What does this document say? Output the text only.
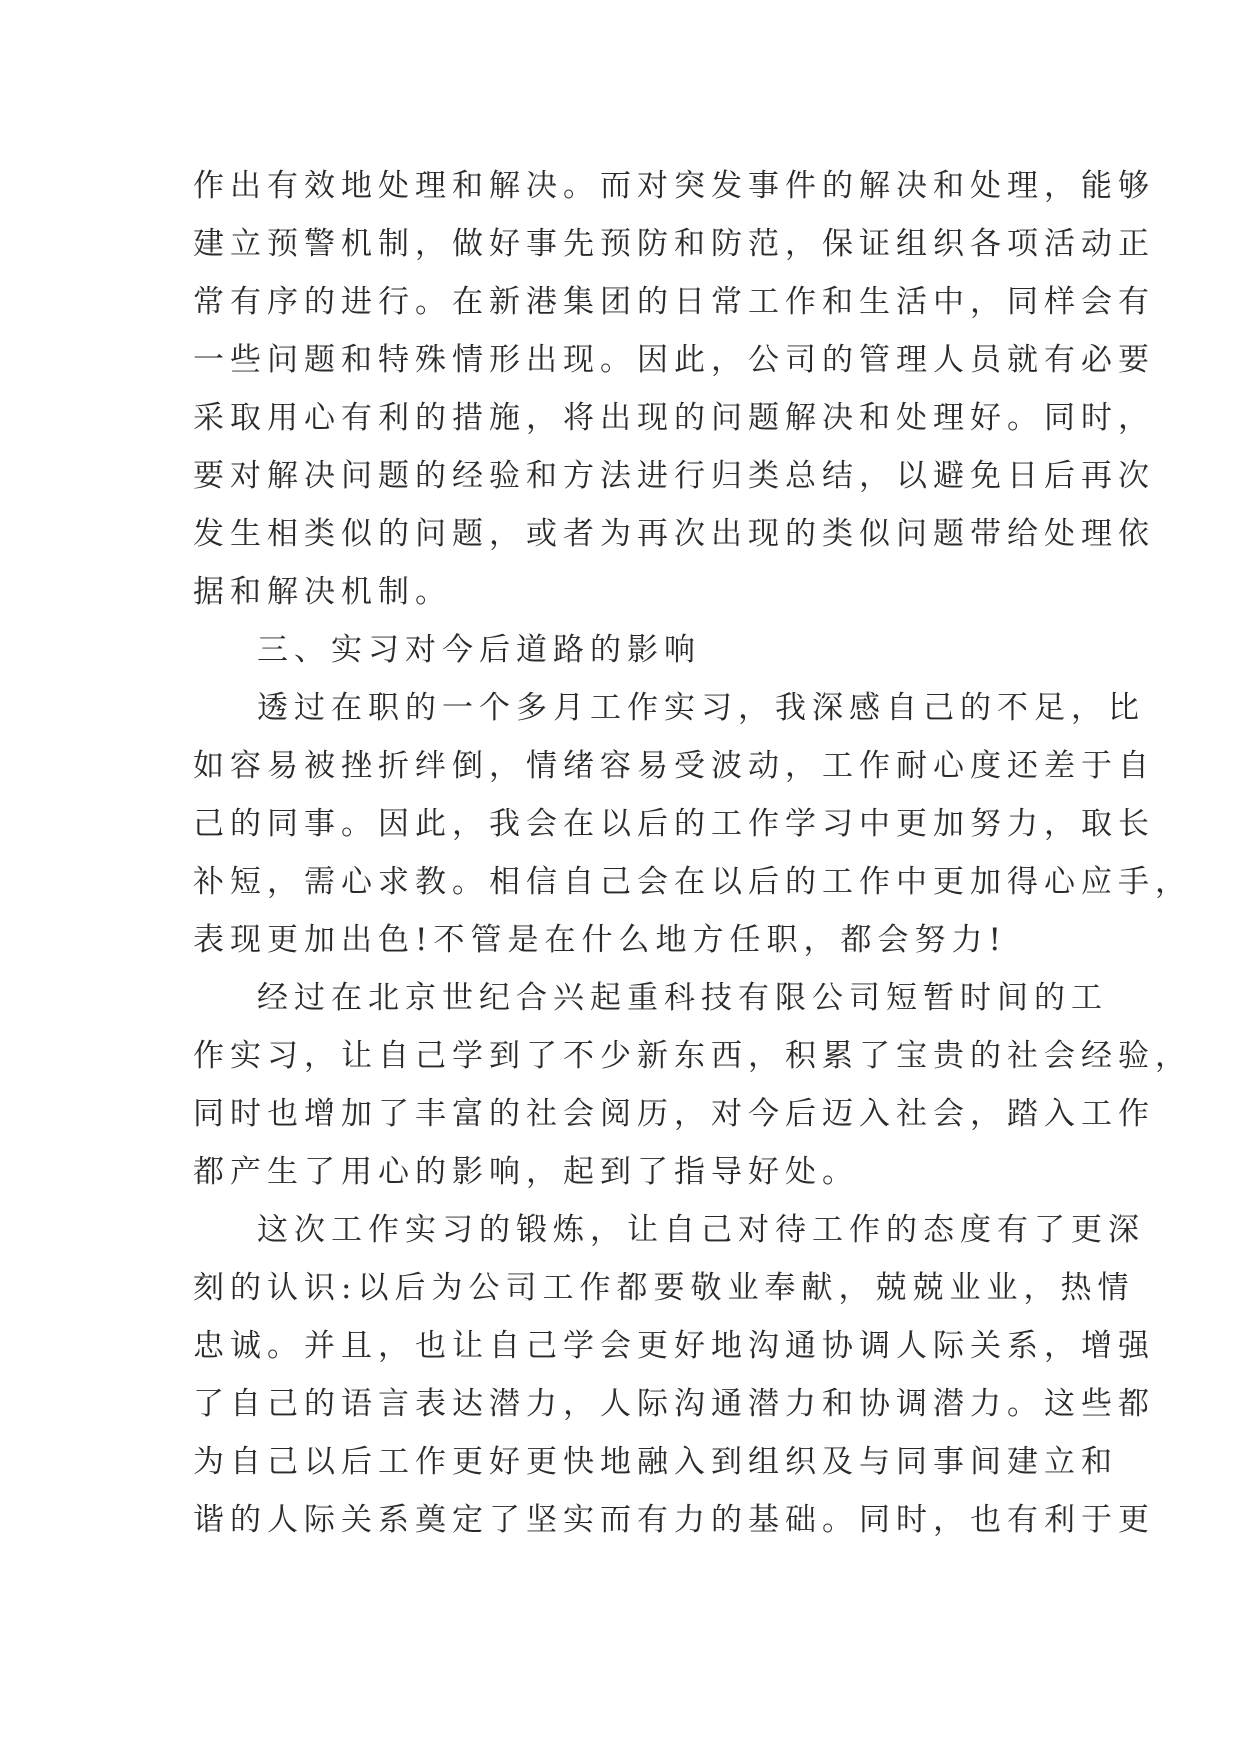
作出有效地处理和解决。而对突发事件的解决和处理，能够
建立预警机制，做好事先预防和防范，保证组织各项活动正
常有序的进行。在新港集团的日常工作和生活中，同样会有
一些问题和特殊情形出现。因此，公司的管理人员就有必要
采取用心有利的措施，将出现的问题解决和处理好。同时，
要对解决问题的经验和方法进行归类总结，以避免日后再次
发生相类似的问题，或者为再次出现的类似问题带给处理依
据和解决机制。
三、实习对今后道路的影响
透过在职的一个多月工作实习，我深感自己的不足，比
如容易被挫折绊倒，情绪容易受波动，工作耐心度还差于自
己的同事。因此，我会在以后的工作学习中更加努力，取长
补短，需心求教。相信自己会在以后的工作中更加得心应手，
表现更加出色!不管是在什么地方任职，都会努力!
经过在北京世纪合兴起重科技有限公司短暂时间的工
作实习，让自己学到了不少新东西，积累了宝贵的社会经验，
同时也增加了丰富的社会阅历，对今后迈入社会，踏入工作
都产生了用心的影响，起到了指导好处。
这次工作实习的锻炼，让自己对待工作的态度有了更深
刻的认识:以后为公司工作都要敬业奉献，兢兢业业，热情
忠诚。并且，也让自己学会更好地沟通协调人际关系，增强
了自己的语言表达潜力，人际沟通潜力和协调潜力。这些都
为自己以后工作更好更快地融入到组织及与同事间建立和
谐的人际关系奠定了坚实而有力的基础。同时，也有利于更
